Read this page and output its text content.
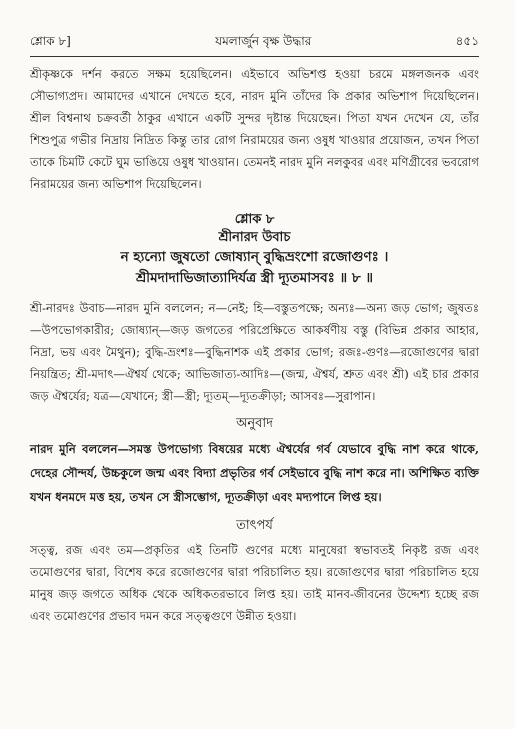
শ্লোক ৮]	যমলার্জুন বৃক্ষ উদ্ধার	৪৫১

শ্রীকৃষ্ণকে দর্শন করতে সক্ষম হয়েছিলেন। এইভাবে অভিশপ্ত হওয়া চরমে মঙ্গলজনক এবং সৌভাগ্যপ্রদ। আমাদের এখানে দেখতে হবে, নারদ মুনি তাঁদের কি প্রকার অভিশাপ দিয়েছিলেন। শ্রীল বিশ্বনাথ চক্রবর্তী ঠাকুর এখানে একটি সুন্দর দৃষ্টান্ত দিয়েছেন। পিতা যখন দেখেন যে, তাঁর শিশুপুত্র গভীর নিদ্রায় নিদ্রিত কিন্তু তার রোগ নিরাময়ের জন্য ওষুধ খাওয়ার প্রয়োজন, তখন পিতা তাকে চিমটি কেটে ঘুম ভাঙিয়ে ওষুধ খাওয়ান। তেমনই নারদ মুনি নলকুবর এবং মণিগ্রীবের ভবরোগ নিরাময়ের জন্য অভিশাপ দিয়েছিলেন।

শ্লোক ৮
শ্রীনারদ উবাচ
ন হ্যন্যো জুষতো জোষ্যান্ বুদ্ধিভ্রংশো রজোগুণঃ ।
শ্রীমদাদাভিজাত্যাদির্যত্র স্ত্রী দ্যূতমাসবঃ ॥ ৮ ॥

শ্রী-নারদঃ উবাচ—নারদ মুনি বললেন; ন—নেই; হি—বস্তুতপক্ষে; অন্যঃ—অন্য জড় ভোগ; জুষতঃ—উপভোগকারীর; জোষ্যান্—জড় জগতের পরিপ্রেক্ষিতে আকর্ষণীয় বস্তু (বিভিন্ন প্রকার আহার, নিদ্রা, ভয় এবং মৈথুন); বুদ্ধি-ভ্রংশঃ—বুদ্ধিনাশক এই প্রকার ভোগ; রজঃ-গুণঃ—রজোগুণের দ্বারা নিয়ন্ত্রিত; শ্রী-মদাৎ—ঐশ্বর্য থেকে; আভিজাত্য-আদিঃ—(জন্ম, ঐশ্বর্য, শ্রুত এবং শ্রী) এই চার প্রকার জড় ঐশ্বর্যের; যত্র—যেখানে; স্ত্রী—স্ত্রী; দ্যূতম্—দ্যূতক্রীড়া; আসবঃ—সুরাপান।

অনুবাদ

নারদ মুনি বললেন—সমস্ত উপভোগ্য বিষয়ের মধ্যে ঐশ্বর্যের গর্ব যেভাবে বুদ্ধি নাশ করে থাকে, দেহের সৌন্দর্য, উচ্চকুলে জন্ম এবং বিদ্যা প্রভৃতির গর্ব সেইভাবে বুদ্ধি নাশ করে না। অশিক্ষিত ব্যক্তি যখন ধনমদে মত্ত হয়, তখন সে স্ত্রীসম্ভোগ, দ্যূতক্রীড়া এবং মদ্যপানে লিপ্ত হয়।

তাৎপর্য

সত্ত্ব, রজ এবং তম—প্রকৃতির এই তিনটি গুণের মধ্যে মানুষেরা স্বভাবতই নিকৃষ্ট রজ এবং তমোগুণের দ্বারা, বিশেষ করে রজোগুণের দ্বারা পরিচালিত হয়। রজোগুণের দ্বারা পরিচালিত হয়ে মানুষ জড় জগতে অধিক থেকে অধিকতরভাবে লিপ্ত হয়। তাই মানব-জীবনের উদ্দেশ্য হচ্ছে রজ এবং তমোগুণের প্রভাব দমন করে সত্ত্বগুণে উন্নীত হওয়া।
